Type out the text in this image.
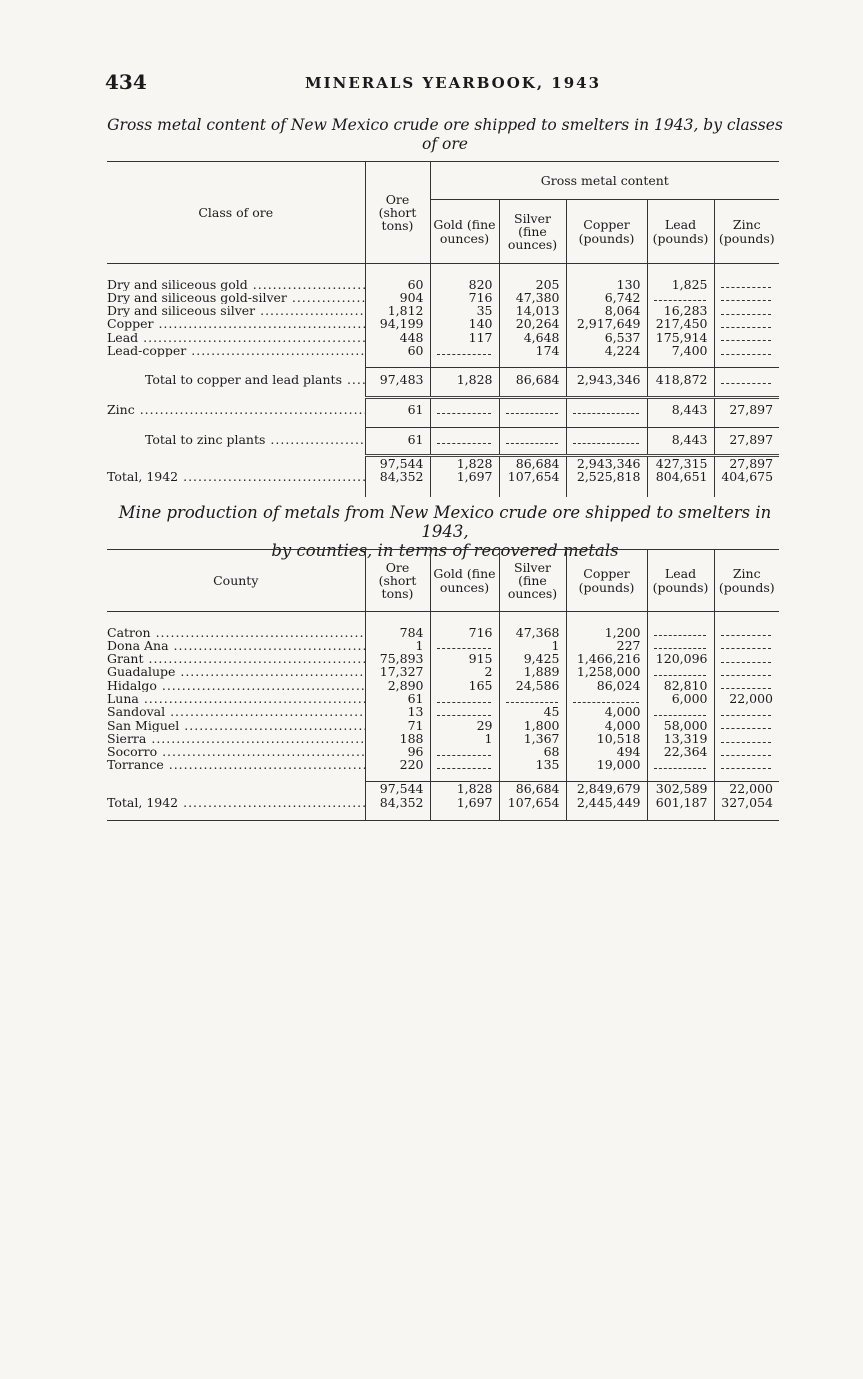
434	MINERALS YEARBOOK, 1943
Gross metal content of New Mexico crude ore shipped to smelters in 1943, by classes
of ore
Class of ore	Ore (short tons)	Gross metal content				
		Gold (fine ounces)	Silver (fine ounces)	Copper (pounds)	Lead (pounds)	Zinc (pounds)

Dry and siliceous gold .....	60	820	205	130	1,825	

Dry and siliceous gold-silver .....	904	716	47,380	6,742	

Dry and siliceous silver .....	1,812	35	14,013	8,064	16,283	

Copper .....	94,199	140	20,264	2,917,649	217,450	

Lead .....	448	117	4,648	6,537	175,914	

Lead-copper .....	60		174	4,224	7,400	

Total to copper and lead plants .....	97,483	1,828	86,684	2,943,346	418,872	

Zinc .....	61				8,443	27,897

Total to zinc plants .....	61				8,443	27,897

	97,544	1,828	86,684	2,943,346	427,315	27,897
Total, 1942 .....	84,352	1,697	107,654	2,525,818	804,651	404,675

Mine production of metals from New Mexico crude ore shipped to smelters in 1943,
by counties, in terms of recovered metals
County	Ore (short tons)	Gold (fine ounces)	Silver (fine ounces)	Copper (pounds)	Lead (pounds)	Zinc (pounds)

Catron .....	784	716	47,368	1,200	

Dona Ana .....	1		1	227	

Grant .....	75,893	915	9,425	1,466,216	120,096	

Guadalupe .....	17,327	2	1,889	1,258,000	

Hidalgo .....	2,890	165	24,586	86,024	82,810	

Luna .....	61				6,000	22,000
Sandoval .....	13		45	4,000	

San Miguel .....	71	29	1,800	4,000	58,000	

Sierra .....	188	1	1,367	10,518	13,319	

Socorro .....	96		68	494	22,364	

Torrance .....	220		135	19,000	

	97,544	1,828	86,684	2,849,679	302,589	22,000
Total, 1942 .....	84,352	1,697	107,654	2,445,449	601,187	327,054
